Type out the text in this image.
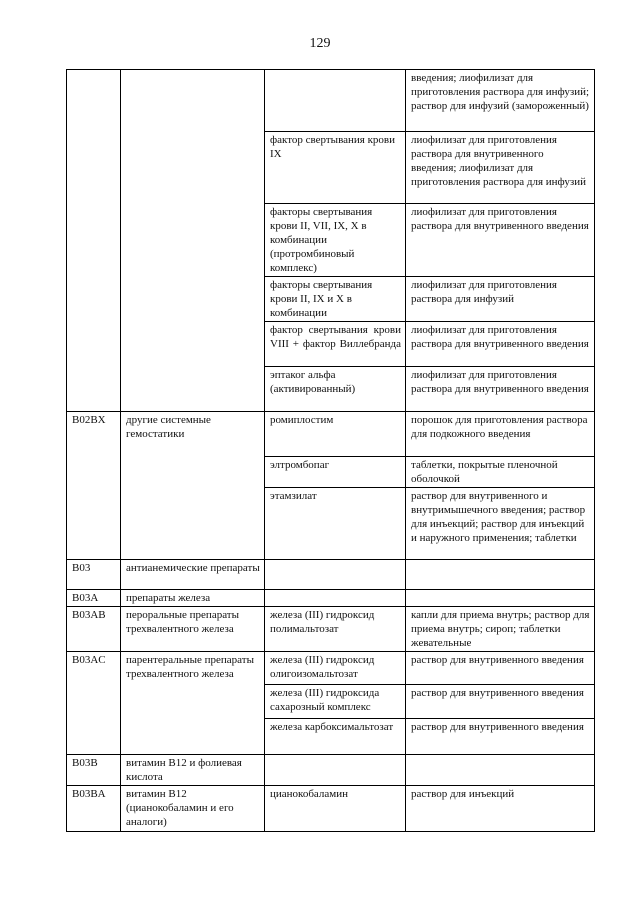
129
			введения; лиофилизат для приготовления раствора для инфузий; раствор для инфузий (замороженный)
		фактор свертывания крови IX	лиофилизат для приготовления раствора для внутривенного введения; лиофилизат для приготовления раствора для инфузий
		факторы свертывания крови II, VII, IX, X в комбинации (протромбиновый комплекс)	лиофилизат для приготовления раствора для внутривенного введения
		факторы свертывания крови II, IX и X в комбинации	лиофилизат для приготовления раствора для инфузий
		фактор свертывания крови VIII + фактор Виллебранда	лиофилизат для приготовления раствора для внутривенного введения
		эптаког альфа (активированный)	лиофилизат для приготовления раствора для внутривенного введения
B02BX	другие системные гемостатики	ромиплостим	порошок для приготовления раствора для подкожного введения
		элтромбопаг	таблетки, покрытые пленочной оболочкой
		этамзилат	раствор для внутривенного и внутримышечного введения; раствор для инъекций; раствор для инъекций и наружного применения; таблетки
B03	антианемические препараты		
B03A	препараты железа		
B03AB	пероральные препараты трехвалентного железа	железа (III) гидроксид полимальтозат	капли для приема внутрь; раствор для приема внутрь; сироп; таблетки жевательные
B03AC	парентеральные препараты трехвалентного железа	железа (III) гидроксид олигоизомальтозат	раствор для внутривенного введения
		железа (III) гидроксида сахарозный комплекс	раствор для внутривенного введения
		железа карбоксимальтозат	раствор для внутривенного введения
B03B	витамин B12 и фолиевая кислота		
B03BA	витамин B12 (цианокобаламин и его аналоги)	цианокобаламин	раствор для инъекций
